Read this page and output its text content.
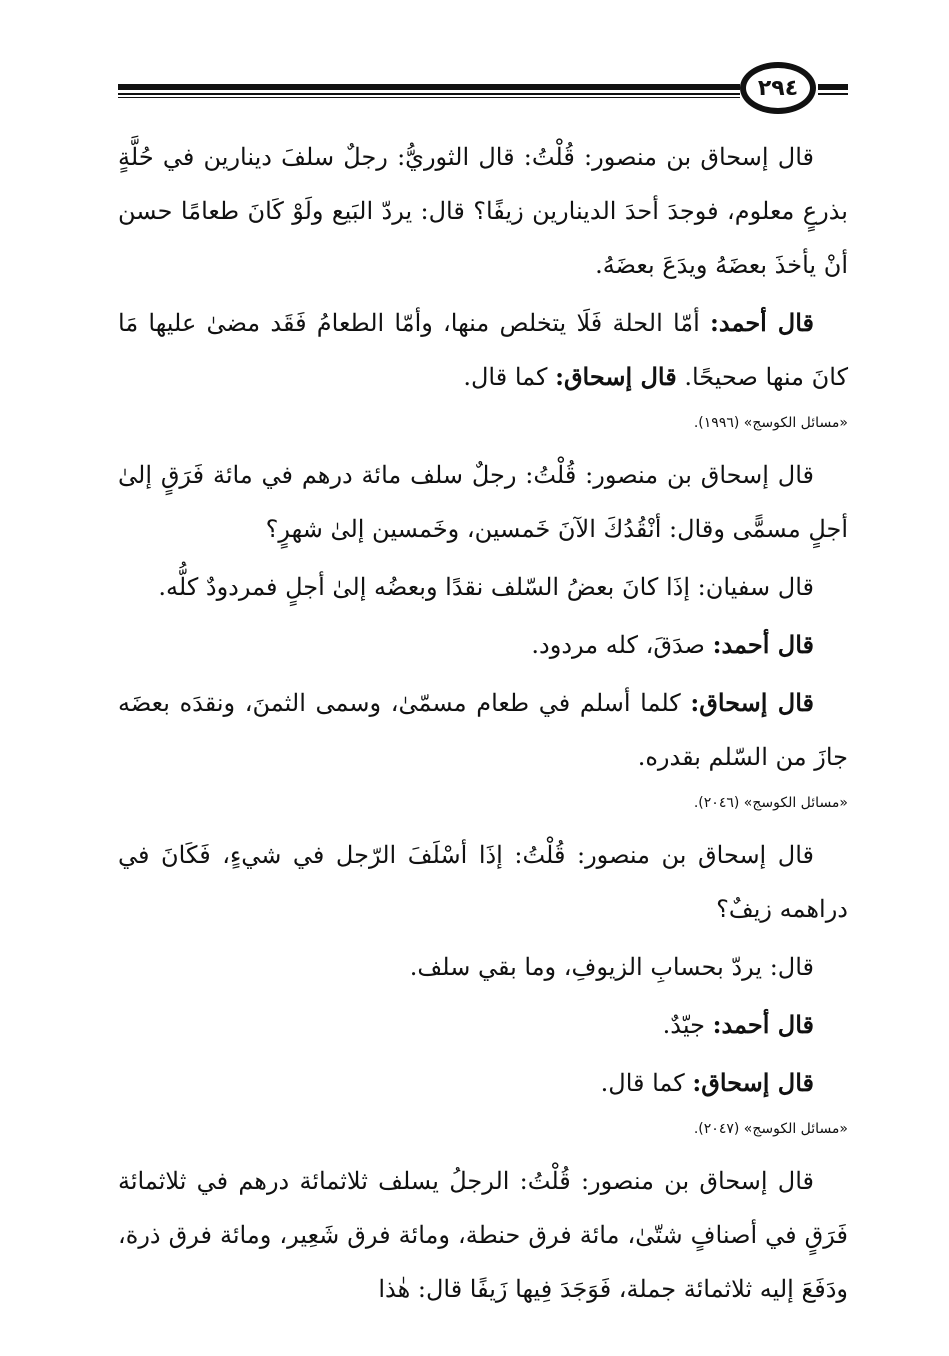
٢٩٤

قال إسحاق بن منصور: قُلْتُ: قال الثوريُّ: رجلٌ سلفَ دينارين في حُلَّةٍ بذرعٍ معلوم، فوجدَ أحدَ الدينارين زيفًا؟ قال: يردّ البَيع ولَوْ كَانَ طعامًا حسن أنْ يأخذَ بعضَهُ ويدَعَ بعضَهُ.

قال أحمد: أمّا الحلة فَلَا يتخلص منها، وأمّا الطعامُ فَقَد مضىٰ عليها مَا كانَ منها صحيحًا. قال إسحاق: كما قال.

«مسائل الكوسج» (١٩٩٦).

قال إسحاق بن منصور: قُلْتُ: رجلٌ سلف مائة درهم في مائة فَرَقٍ إلىٰ أجلٍ مسمًّى وقال: أنْقُدُكَ الآنَ خَمسين، وخَمسين إلىٰ شهرٍ؟

قال سفيان: إذَا كانَ بعضُ السّلف نقدًا وبعضُه إلىٰ أجلٍ فمردودٌ كلُّه.

قال أحمد: صدَقَ، كله مردود.

قال إسحاق: كلما أسلم في طعام مسمّىٰ، وسمى الثمنَ، ونقدَه بعضَه جازَ من السّلم بقدره.

«مسائل الكوسج» (٢٠٤٦).

قال إسحاق بن منصور: قُلْتُ: إذَا أسْلَفَ الرّجل في شيءٍ، فَكَانَ في دراهمه زيفٌ؟

قال: يردّ بحسابِ الزيوفِ، وما بقي سلف.

قال أحمد: جيّدٌ.

قال إسحاق: كما قال.

«مسائل الكوسج» (٢٠٤٧).

قال إسحاق بن منصور: قُلْتُ: الرجلُ يسلف ثلاثمائة درهم في ثلاثمائة فَرَقٍ في أصنافٍ شتّىٰ، مائة فرق حنطة، ومائة فرق شَعِير، ومائة فرق ذرة، ودَفَعَ إليه ثلاثمائة جملة، فَوَجَدَ فِيها زَيفًا قال: هٰذا
